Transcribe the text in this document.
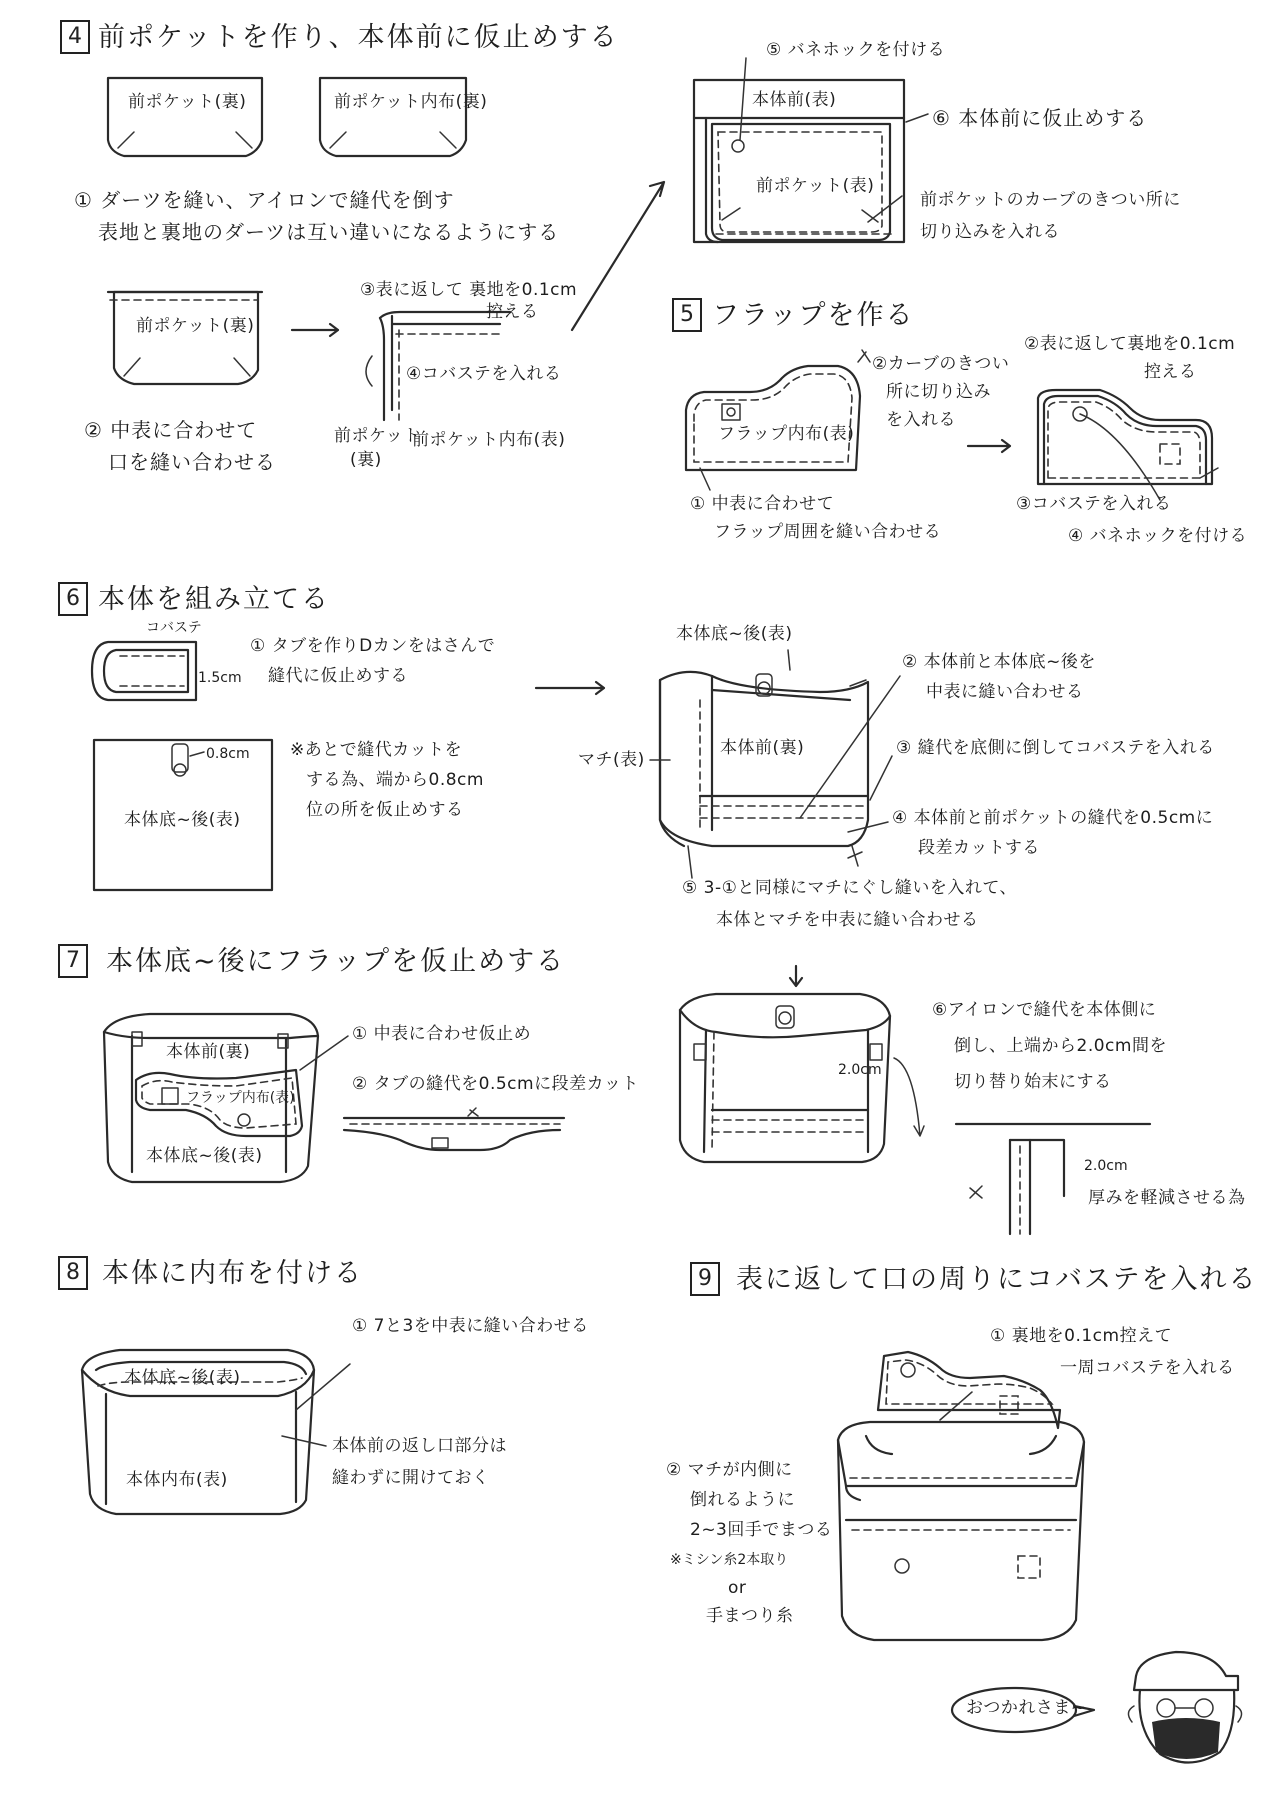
4 前ポケットを作り、本体前に仮止めする
前ポケット(裏)	前ポケット内布(裏)
① ダーツを縫い、アイロンで縫代を倒す
表地と裏地のダーツは互い違いになるようにする
前ポケット(裏)
② 中表に合わせて
口を縫い合わせる
③表に返して 裏地を0.1cm
控える
④コバステを入れる
前ポケット
(裏)
前ポケット内布(表)
⑤ バネホックを付ける
本体前(表)
⑥ 本体前に仮止めする
前ポケット(表)
前ポケットのカーブのきつい所に
切り込みを入れる
5 フラップを作る
②カーブのきつい
所に切り込み
を入れる
フラップ内布(表)
① 中表に合わせて
フラップ周囲を縫い合わせる
②表に返して裏地を0.1cm
控える
③コバステを入れる
④ バネホックを付ける
6 本体を組み立てる
コバステ
1.5cm
① タブを作りDカンをはさんで
縫代に仮止めする
0.8cm
本体底~後(表)
※あとで縫代カットを
する為、端から0.8cm
位の所を仮止めする
本体底~後(表)
マチ(表)
本体前(裏)
② 本体前と本体底~後を
中表に縫い合わせる
③ 縫代を底側に倒してコバステを入れる
④ 本体前と前ポケットの縫代を0.5cmに
段差カットする
⑤ 3-①と同様にマチにぐし縫いを入れて、
本体とマチを中表に縫い合わせる
⑥アイロンで縫代を本体側に
倒し、上端から2.0cm間を
切り替り始末にする
2.0cm
2.0cm
厚みを軽減させる為
7 本体底~後にフラップを仮止めする
本体前(裏)
フラップ内布(表)
本体底~後(表)
① 中表に合わせ仮止め
② タブの縫代を0.5cmに段差カット
8 本体に内布を付ける
本体底~後(表)
本体内布(表)
① 7と3を中表に縫い合わせる
本体前の返し口部分は
縫わずに開けておく
9 表に返して口の周りにコバステを入れる
① 裏地を0.1cm控えて
一周コバステを入れる
② マチが内側に
倒れるように
2~3回手でまつる
※ミシン糸2本取り
or
手まつり糸
おつかれさま~
